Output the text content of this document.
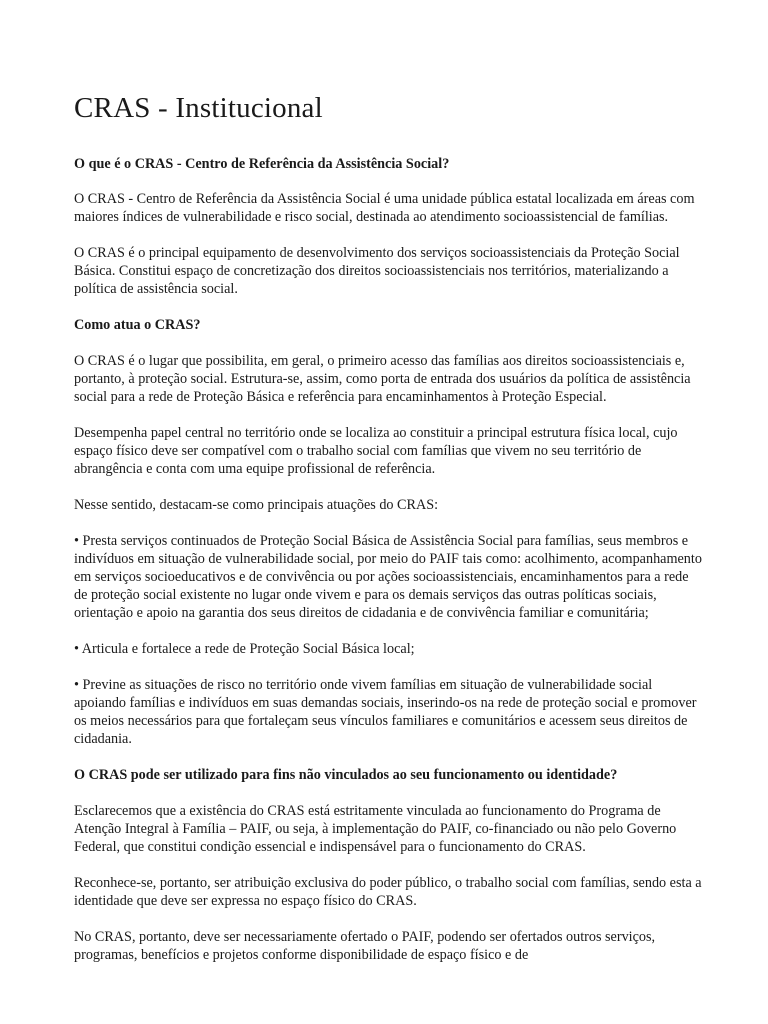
CRAS - Institucional
O que é o CRAS - Centro de Referência da Assistência Social?
O CRAS - Centro de Referência da Assistência Social é uma unidade pública estatal localizada em áreas com maiores índices de vulnerabilidade e risco social, destinada ao atendimento socioassistencial de famílias.
O CRAS é o principal equipamento de desenvolvimento dos serviços socioassistenciais da Proteção Social Básica. Constitui espaço de concretização dos direitos socioassistenciais nos territórios, materializando a política de assistência social.
Como atua o CRAS?
O CRAS é o lugar que possibilita, em geral, o primeiro acesso das famílias aos direitos socioassistenciais e, portanto, à proteção social. Estrutura-se, assim, como porta de entrada dos usuários da política de assistência social para a rede de Proteção Básica e referência para encaminhamentos à Proteção Especial.
Desempenha papel central no território onde se localiza ao constituir a principal estrutura física local, cujo espaço físico deve ser compatível com o trabalho social com famílias que vivem no seu território de abrangência e conta com uma equipe profissional de referência.
Nesse sentido, destacam-se como principais atuações do CRAS:
• Presta serviços continuados de Proteção Social Básica de Assistência Social para famílias, seus membros e indivíduos em situação de vulnerabilidade social, por meio do PAIF tais como: acolhimento, acompanhamento em serviços socioeducativos e de convivência ou por ações socioassistenciais, encaminhamentos para a rede de proteção social existente no lugar onde vivem e para os demais serviços das outras políticas sociais, orientação e apoio na garantia dos seus direitos de cidadania e de convivência familiar e comunitária;
• Articula e fortalece a rede de Proteção Social Básica local;
• Previne as situações de risco no território onde vivem famílias em situação de vulnerabilidade social apoiando famílias e indivíduos em suas demandas sociais, inserindo-os na rede de proteção social e promover os meios necessários para que fortaleçam seus vínculos familiares e comunitários e acessem seus direitos de cidadania.
O CRAS pode ser utilizado para fins não vinculados ao seu funcionamento ou identidade?
Esclarecemos que a existência do CRAS está estritamente vinculada ao funcionamento do Programa de Atenção Integral à Família – PAIF, ou seja, à implementação do PAIF, co-financiado ou não pelo Governo Federal, que constitui condição essencial e indispensável para o funcionamento do CRAS.
Reconhece-se, portanto, ser atribuição exclusiva do poder público, o trabalho social com famílias, sendo esta a identidade que deve ser expressa no espaço físico do CRAS.
No CRAS, portanto, deve ser necessariamente ofertado o PAIF, podendo ser ofertados outros serviços, programas, benefícios e projetos conforme disponibilidade de espaço físico e de
